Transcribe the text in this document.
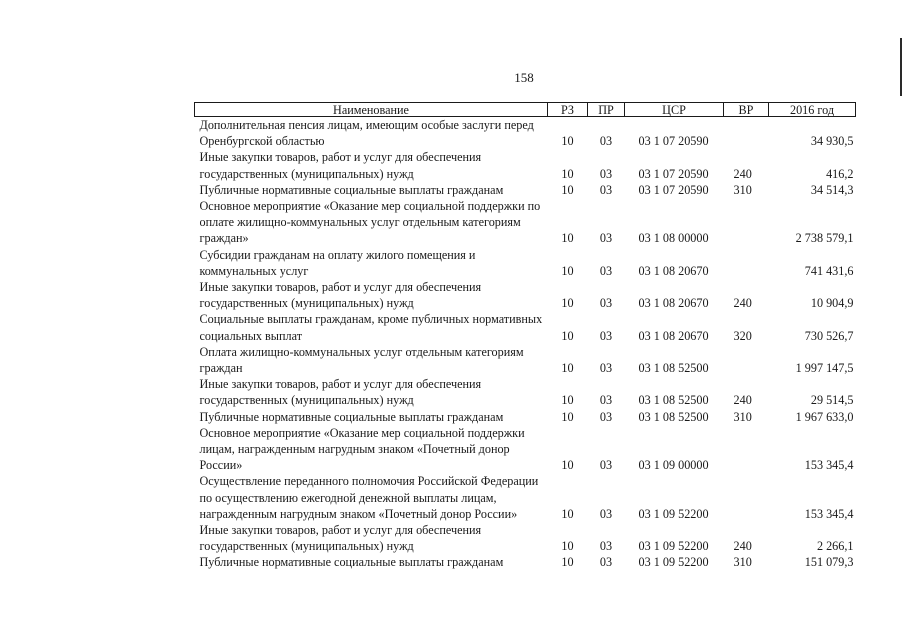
158
Наименование	РЗ	ПР	ЦСР	ВР	2016 год
Дополнительная пенсия лицам, имеющим особые заслуги перед Оренбургской областью	10	03	03 1 07 20590		34 930,5
Иные закупки товаров, работ и услуг для обеспечения государственных (муниципальных) нужд	10	03	03 1 07 20590	240	416,2
Публичные нормативные социальные выплаты гражданам	10	03	03 1 07 20590	310	34 514,3
Основное мероприятие «Оказание мер социальной поддержки по оплате жилищно-коммунальных услуг отдельным категориям граждан»	10	03	03 1 08 00000		2 738 579,1
Субсидии гражданам на оплату жилого помещения и коммунальных услуг	10	03	03 1 08 20670		741 431,6
Иные закупки товаров, работ и услуг для обеспечения государственных (муниципальных) нужд	10	03	03 1 08 20670	240	10 904,9
Социальные выплаты гражданам, кроме публичных нормативных социальных выплат	10	03	03 1 08 20670	320	730 526,7
Оплата жилищно-коммунальных услуг отдельным категориям граждан	10	03	03 1 08 52500		1 997 147,5
Иные закупки товаров, работ и услуг для обеспечения государственных (муниципальных) нужд	10	03	03 1 08 52500	240	29 514,5
Публичные нормативные социальные выплаты гражданам	10	03	03 1 08 52500	310	1 967 633,0
Основное мероприятие «Оказание мер социальной поддержки лицам, награжденным нагрудным знаком «Почетный донор России»	10	03	03 1 09 00000		153 345,4
Осуществление переданного полномочия Российской Федерации по осуществлению ежегодной денежной выплаты лицам, награжденным нагрудным знаком «Почетный донор России»	10	03	03 1 09 52200		153 345,4
Иные закупки товаров, работ и услуг для обеспечения государственных (муниципальных) нужд	10	03	03 1 09 52200	240	2 266,1
Публичные нормативные социальные выплаты гражданам	10	03	03 1 09 52200	310	151 079,3
